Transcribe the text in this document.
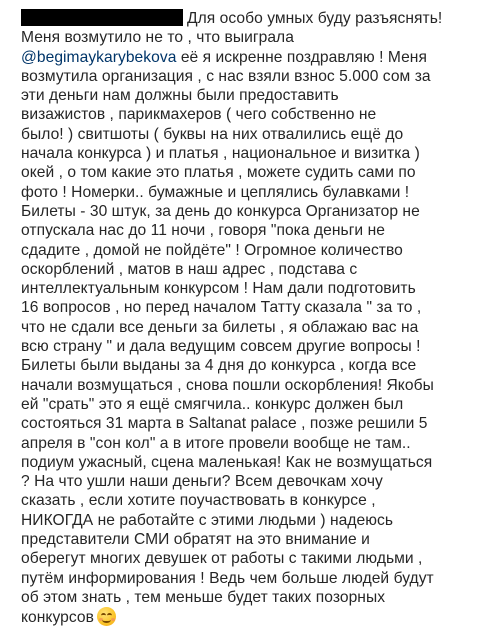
Для особо умных буду разъяснять!
Меня возмутило не то , что выиграла
@begimaykarybekova её я искренне поздравляю ! Меня
возмутила организация , с нас взяли взнос 5.000 сом за
эти деньги нам должны были предоставить
визажистов , парикмахеров ( чего собственно не
было! ) свитшоты ( буквы на них отвалились ещё до
начала конкурса ) и платья , национальное и визитка )
окей , о том какие это платья , можете судить сами по
фото ! Номерки.. бумажные и цеплялись булавками !
Билеты - 30 штук, за день до конкурса Организатор не
отпускала нас до 11 ночи , говоря "пока деньги не
сдадите , домой не пойдёте" ! Огромное количество
оскорблений , матов в наш адрес , подстава с
интеллектуальным конкурсом ! Нам дали подготовить
16 вопросов , но перед началом Татту сказала " за то ,
что не сдали все деньги за билеты , я облажаю вас на
всю страну " и дала ведущим совсем другие вопросы !
Билеты были выданы за 4 дня до конкурса , когда все
начали возмущаться , снова пошли оскорбления! Якобы
ей "срать" это я ещё смягчила.. конкурс должен был
состояться 31 марта в Saltanat palace , позже решили 5
апреля в "сон кол" а в итоге провели вообще не там..
подиум ужасный, сцена маленькая! Как не возмущаться
? На что ушли наши деньги? Всем девочкам хочу
сказать , если хотите поучаствовать в конкурсе ,
НИКОГДА не работайте с этими людьми ) надеюсь
представители СМИ обратят на это внимание и
обeрегут многих девушек от работы с такими людьми ,
путём информирования ! Ведь чем больше людей будут
об этом знать , тем меньше будет таких позорных
конкурсов
